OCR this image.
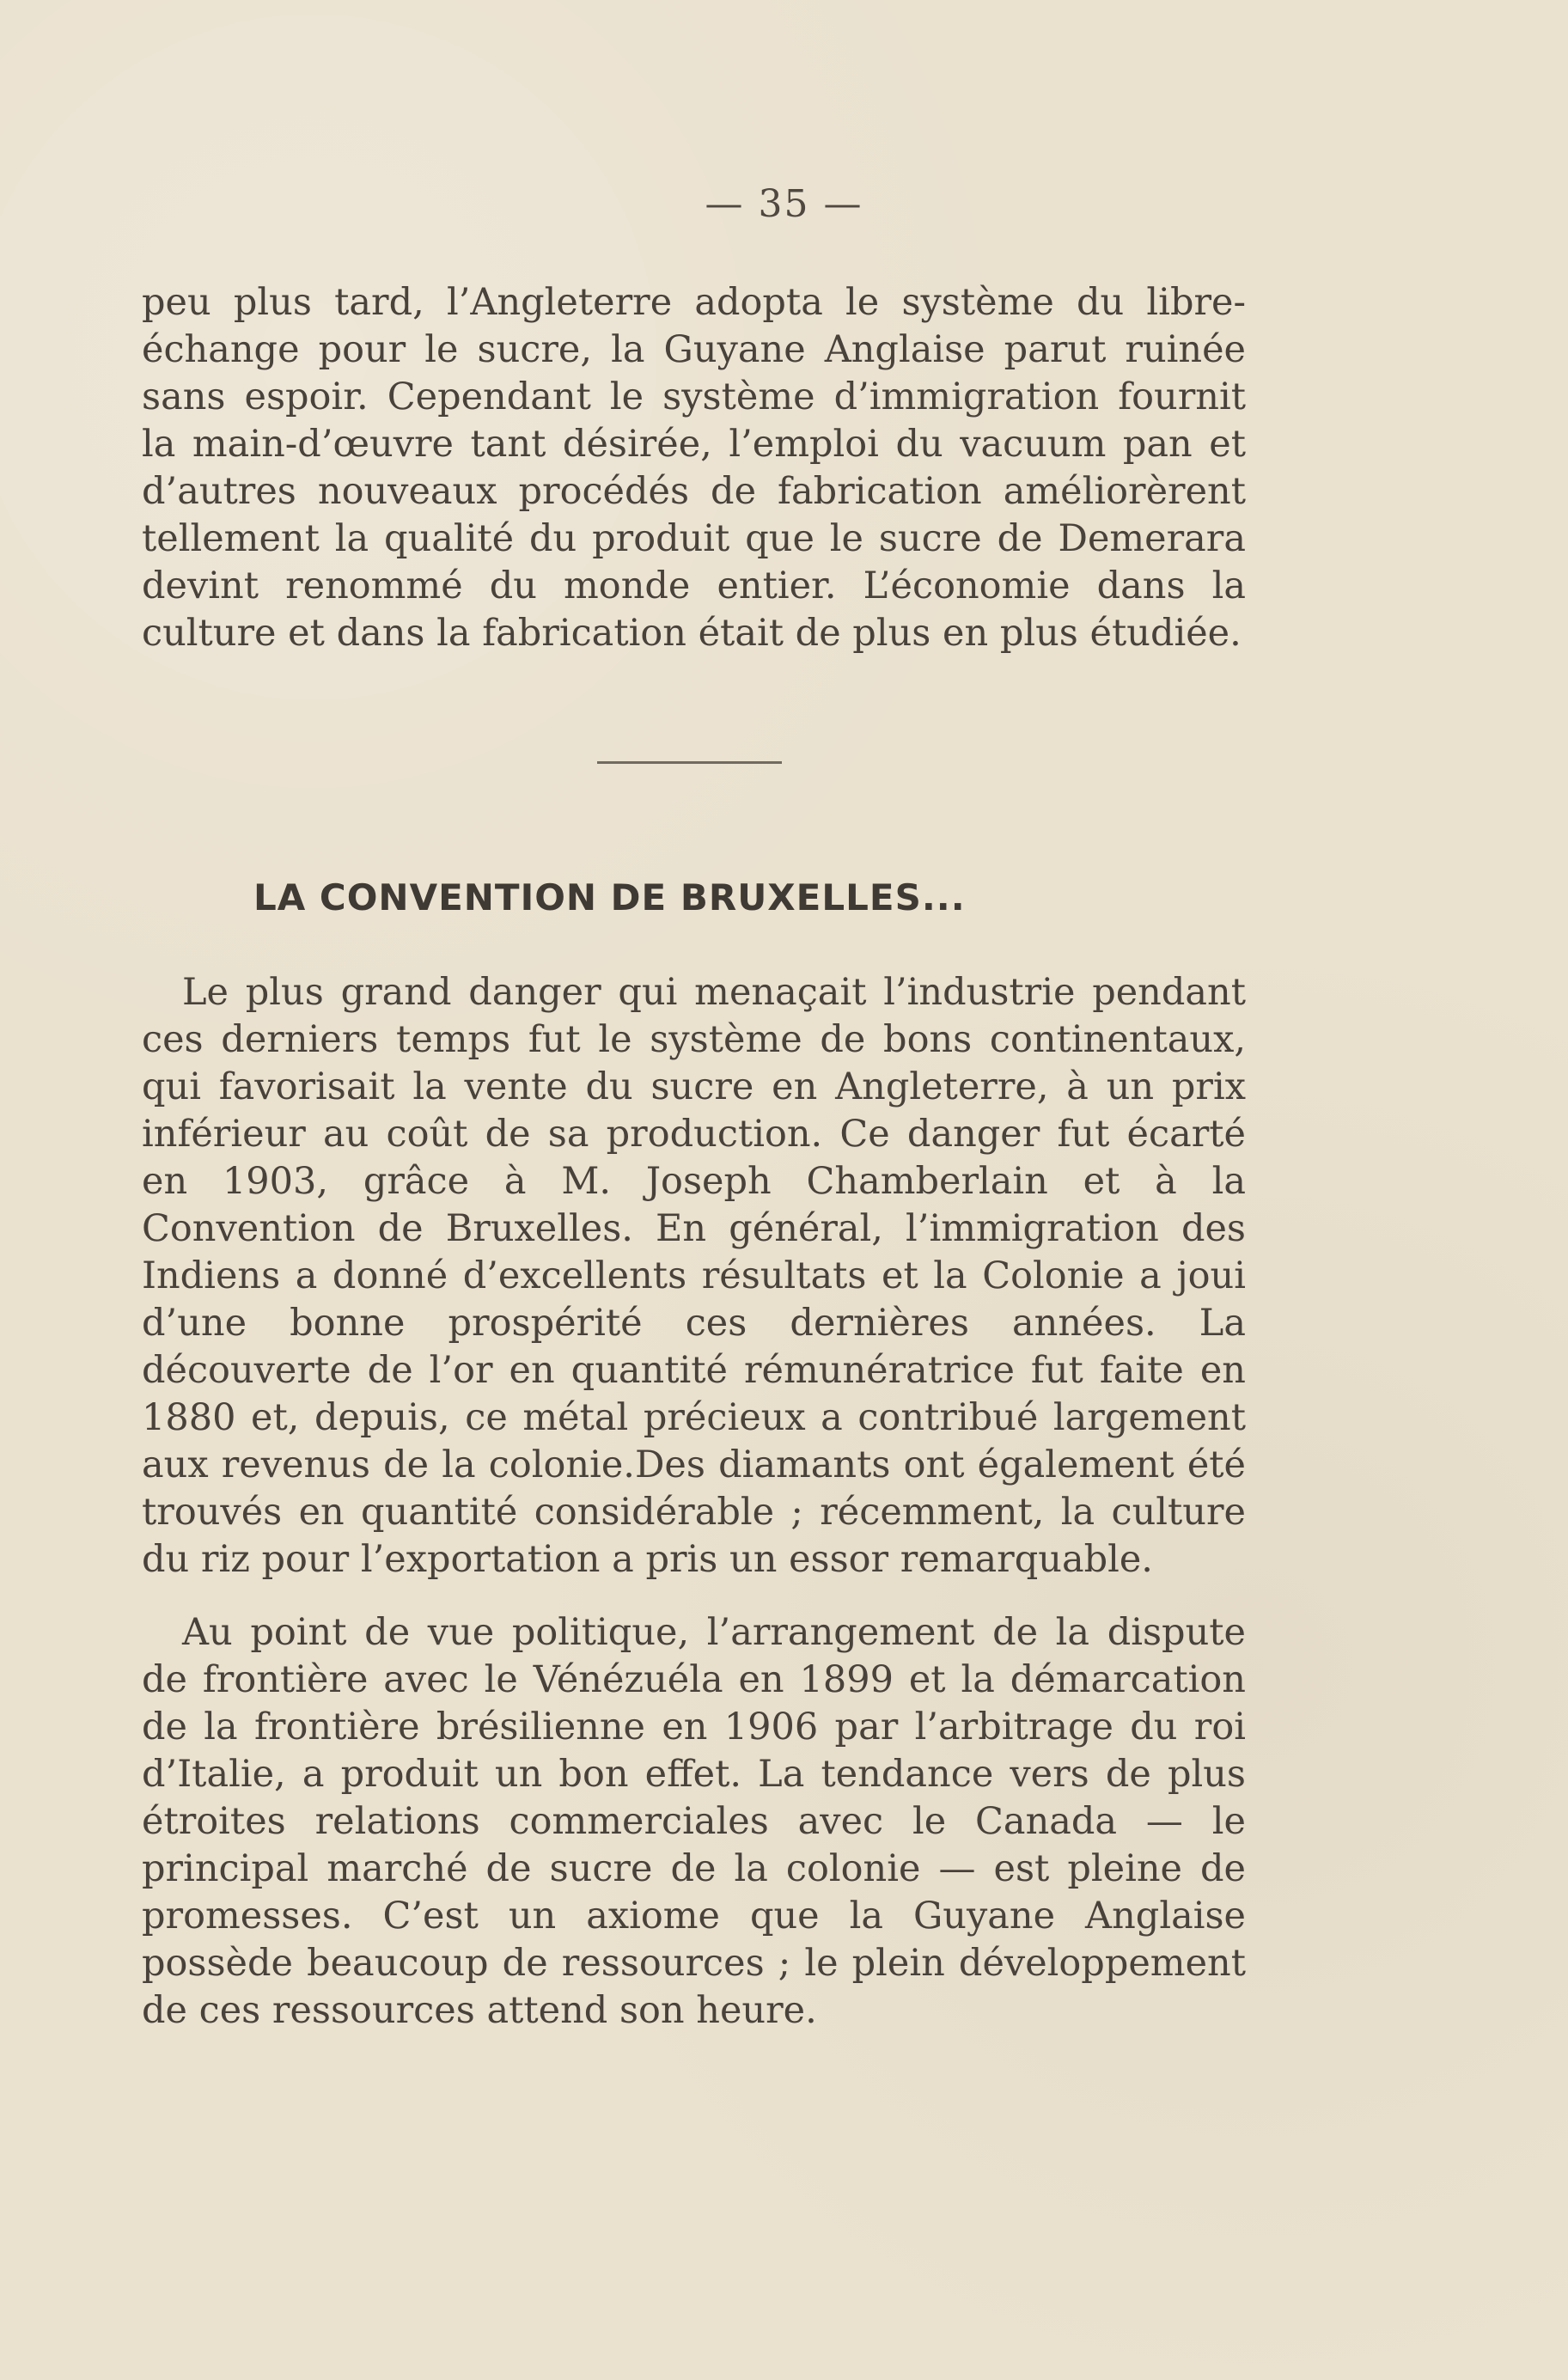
— 35 —

peu plus tard, l’Angleterre adopta le système du libre-échange pour le sucre, la Guyane Anglaise parut ruinée sans espoir. Cependant le système d’immigration fournit la main-d’œuvre tant désirée, l’emploi du vacuum pan et d’autres nouveaux procédés de fabrication améliorèrent tellement la qualité du produit que le sucre de Demerara devint renommé du monde entier. L’économie dans la culture et dans la fabrication était de plus en plus étudiée.

LA CONVENTION DE BRUXELLES...

Le plus grand danger qui menaçait l’industrie pendant ces derniers temps fut le système de bons continentaux, qui favorisait la vente du sucre en Angleterre, à un prix inférieur au coût de sa production. Ce danger fut écarté en 1903, grâce à M. Joseph Chamberlain et à la Convention de Bruxelles. En général, l’immigration des Indiens a donné d’excellents résultats et la Colonie a joui d’une bonne prospérité ces dernières années. La découverte de l’or en quantité rémunératrice fut faite en 1880 et, depuis, ce métal précieux a contribué largement aux revenus de la colonie.Des diamants ont également été trouvés en quantité considérable ; récemment, la culture du riz pour l’exportation a pris un essor remarquable.

Au point de vue politique, l’arrangement de la dispute de frontière avec le Vénézuéla en 1899 et la démarcation de la frontière brésilienne en 1906 par l’arbitrage du roi d’Italie, a produit un bon effet. La tendance vers de plus étroites relations commerciales avec le Canada — le principal marché de sucre de la colonie — est pleine de promesses. C’est un axiome que la Guyane Anglaise possède beaucoup de ressources ; le plein développement de ces ressources attend son heure.
